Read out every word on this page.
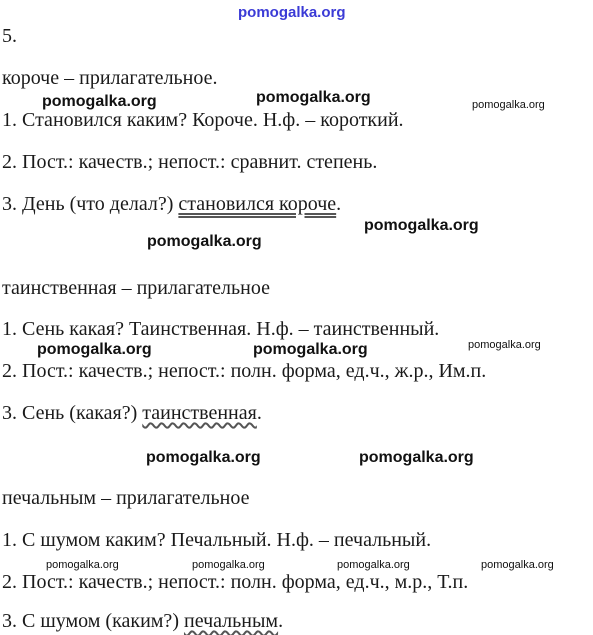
pomogalka.org
5.
короче – прилагательное.
pomogalka.org	pomogalka.org	pomogalka.org
1. Становился каким? Короче. Н.ф. – короткий.
2. Пост.: качеств.; непост.: сравнит. степень.
3. День (что делал?) становился короче.
pomogalka.org
pomogalka.org
таинственная – прилагательное
1. Сень какая? Таинственная. Н.ф. – таинственный.
pomogalka.org	pomogalka.org	pomogalka.org
2. Пост.: качеств.; непост.: полн. форма, ед.ч., ж.р., Им.п.
3. Сень (какая?) таинственная.
pomogalka.org	pomogalka.org
печальным – прилагательное
1. С шумом каким? Печальный. Н.ф. – печальный.
pomogalka.org	pomogalka.org	pomogalka.org	pomogalka.org
2. Пост.: качеств.; непост.: полн. форма, ед.ч., м.р., Т.п.
3. С шумом (каким?) печальным.
